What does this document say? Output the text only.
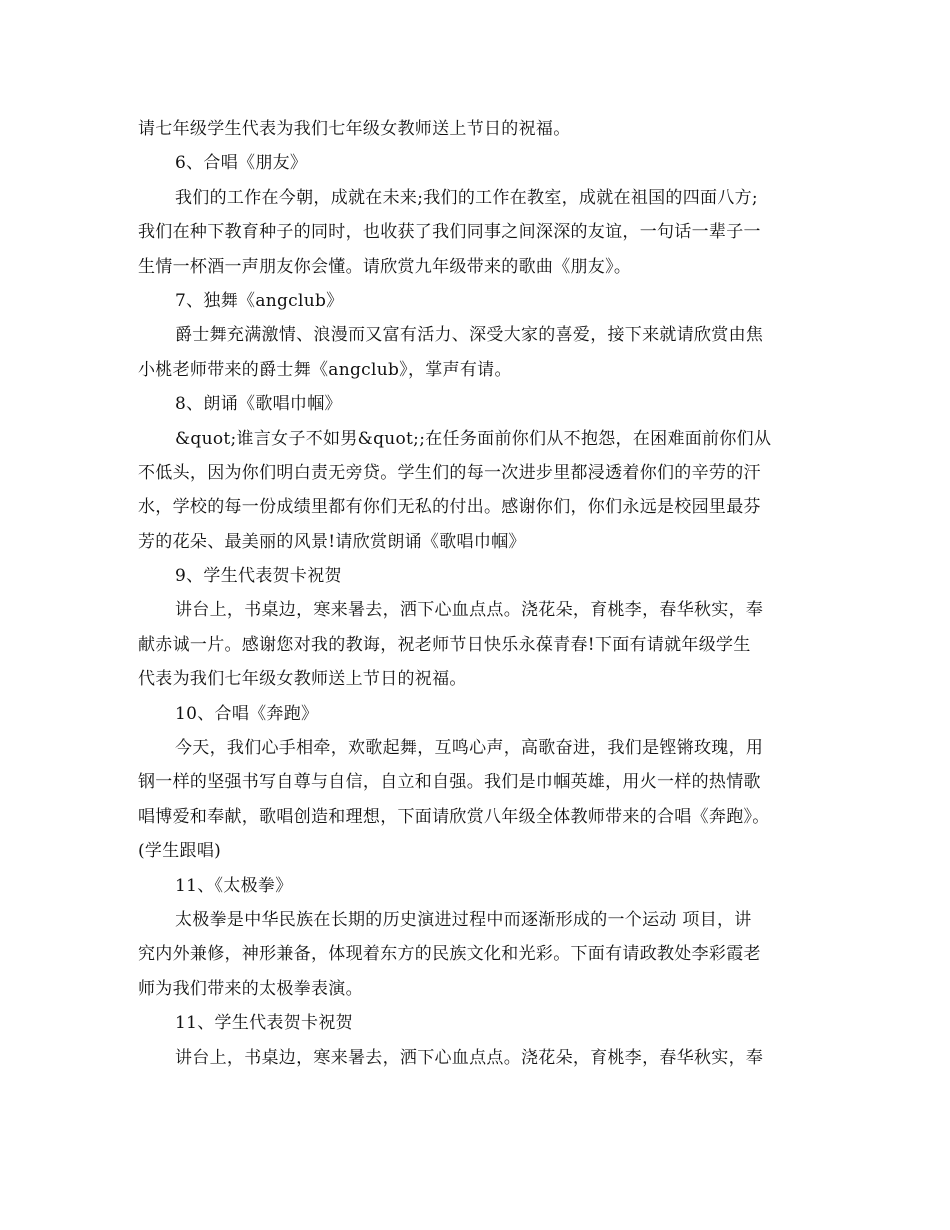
请七年级学生代表为我们七年级女教师送上节日的祝福。
6、合唱《朋友》
我们的工作在今朝，成就在未来;我们的工作在教室，成就在祖国的四面八方;
我们在种下教育种子的同时，也收获了我们同事之间深深的友谊，一句话一辈子一
生情一杯酒一声朋友你会懂。请欣赏九年级带来的歌曲《朋友》。
7、独舞《angclub》
爵士舞充满激情、浪漫而又富有活力、深受大家的喜爱，接下来就请欣赏由焦
小桃老师带来的爵士舞《angclub》，掌声有请。
8、朗诵《歌唱巾帼》
&quot;谁言女子不如男&quot;;在任务面前你们从不抱怨，在困难面前你们从
不低头，因为你们明白责无旁贷。学生们的每一次进步里都浸透着你们的辛劳的汗
水，学校的每一份成绩里都有你们无私的付出。感谢你们，你们永远是校园里最芬
芳的花朵、最美丽的风景!请欣赏朗诵《歌唱巾帼》
9、学生代表贺卡祝贺
讲台上，书桌边，寒来暑去，洒下心血点点。浇花朵，育桃李，春华秋实，奉
献赤诚一片。感谢您对我的教诲，祝老师节日快乐永葆青春!下面有请就年级学生
代表为我们七年级女教师送上节日的祝福。
10、合唱《奔跑》
今天，我们心手相牵，欢歌起舞，互鸣心声，高歌奋进，我们是铿锵玫瑰，用
钢一样的坚强书写自尊与自信，自立和自强。我们是巾帼英雄，用火一样的热情歌
唱博爱和奉献，歌唱创造和理想，下面请欣赏八年级全体教师带来的合唱《奔跑》。
(学生跟唱)
11、《太极拳》
太极拳是中华民族在长期的历史演进过程中而逐渐形成的一个运动 项目，讲
究内外兼修，神形兼备，体现着东方的民族文化和光彩。下面有请政教处李彩霞老
师为我们带来的太极拳表演。
11、学生代表贺卡祝贺
讲台上，书桌边，寒来暑去，洒下心血点点。浇花朵，育桃李，春华秋实，奉
